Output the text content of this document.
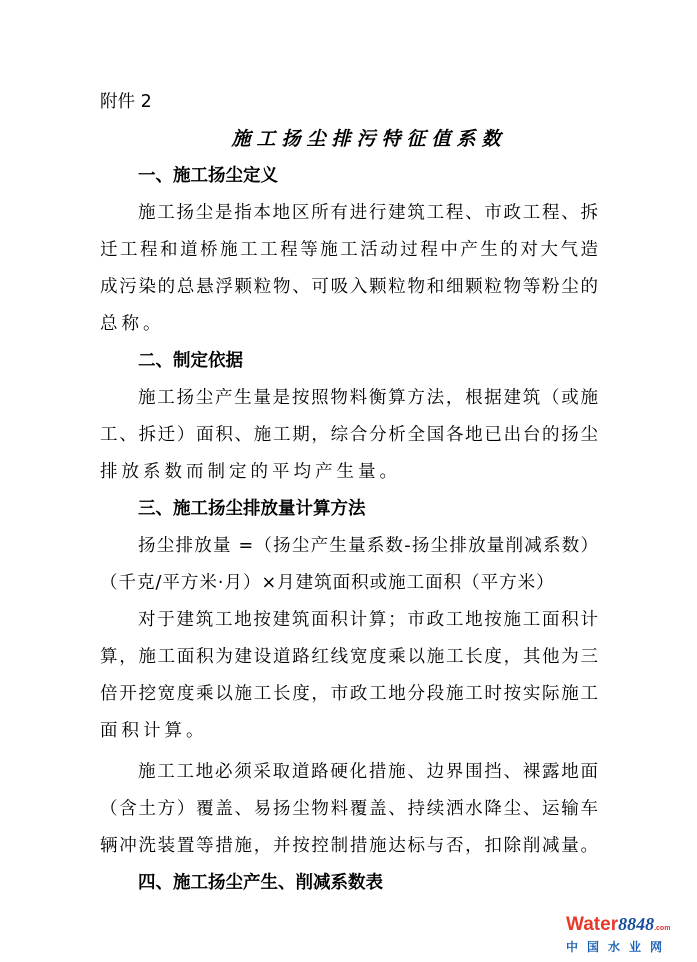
附件 2
施工扬尘排污特征值系数
一、施工扬尘定义
施工扬尘是指本地区所有进行建筑工程、市政工程、拆
迁工程和道桥施工工程等施工活动过程中产生的对大气造
成污染的总悬浮颗粒物、可吸入颗粒物和细颗粒物等粉尘的
总称。
二、制定依据
施工扬尘产生量是按照物料衡算方法，根据建筑（或施
工、拆迁）面积、施工期，综合分析全国各地已出台的扬尘
排放系数而制定的平均产生量。
三、施工扬尘排放量计算方法
扬尘排放量 =（扬尘产生量系数-扬尘排放量削减系数）
（千克/平方米·月）×月建筑面积或施工面积（平方米）
对于建筑工地按建筑面积计算；市政工地按施工面积计
算，施工面积为建设道路红线宽度乘以施工长度，其他为三
倍开挖宽度乘以施工长度，市政工地分段施工时按实际施工
面积计算。
施工工地必须采取道路硬化措施、边界围挡、裸露地面
（含土方）覆盖、易扬尘物料覆盖、持续洒水降尘、运输车
辆冲洗装置等措施，并按控制措施达标与否，扣除削减量。
四、施工扬尘产生、削减系数表
Water8848.com
中国水业网
